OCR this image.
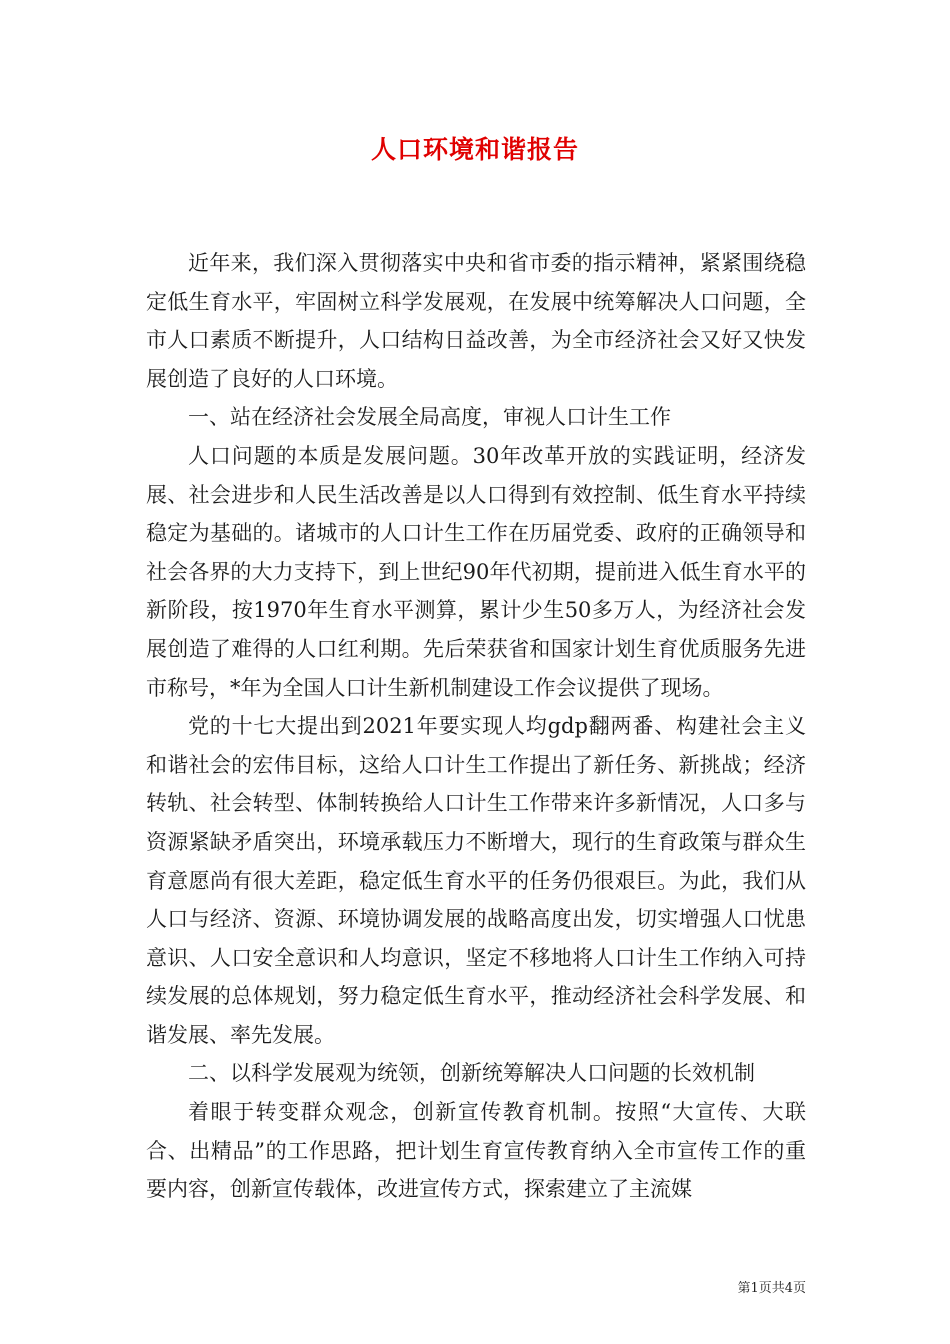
人口环境和谐报告

近年来，我们深入贯彻落实中央和省市委的指示精神，紧紧围绕稳定低生育水平，牢固树立科学发展观，在发展中统筹解决人口问题，全市人口素质不断提升，人口结构日益改善，为全市经济社会又好又快发展创造了良好的人口环境。

一、站在经济社会发展全局高度，审视人口计生工作

人口问题的本质是发展问题。30年改革开放的实践证明，经济发展、社会进步和人民生活改善是以人口得到有效控制、低生育水平持续稳定为基础的。诸城市的人口计生工作在历届党委、政府的正确领导和社会各界的大力支持下，到上世纪90年代初期，提前进入低生育水平的新阶段，按1970年生育水平测算，累计少生50多万人，为经济社会发展创造了难得的人口红利期。先后荣获省和国家计划生育优质服务先进市称号，*年为全国人口计生新机制建设工作会议提供了现场。

党的十七大提出到2021年要实现人均gdp翻两番、构建社会主义和谐社会的宏伟目标，这给人口计生工作提出了新任务、新挑战；经济转轨、社会转型、体制转换给人口计生工作带来许多新情况，人口多与资源紧缺矛盾突出，环境承载压力不断增大，现行的生育政策与群众生育意愿尚有很大差距，稳定低生育水平的任务仍很艰巨。为此，我们从人口与经济、资源、环境协调发展的战略高度出发，切实增强人口忧患意识、人口安全意识和人均意识，坚定不移地将人口计生工作纳入可持续发展的总体规划，努力稳定低生育水平，推动经济社会科学发展、和谐发展、率先发展。

二、以科学发展观为统领，创新统筹解决人口问题的长效机制

着眼于转变群众观念，创新宣传教育机制。按照“大宣传、大联合、出精品”的工作思路，把计划生育宣传教育纳入全市宣传工作的重要内容，创新宣传载体，改进宣传方式，探索建立了主流媒

第1页共4页
